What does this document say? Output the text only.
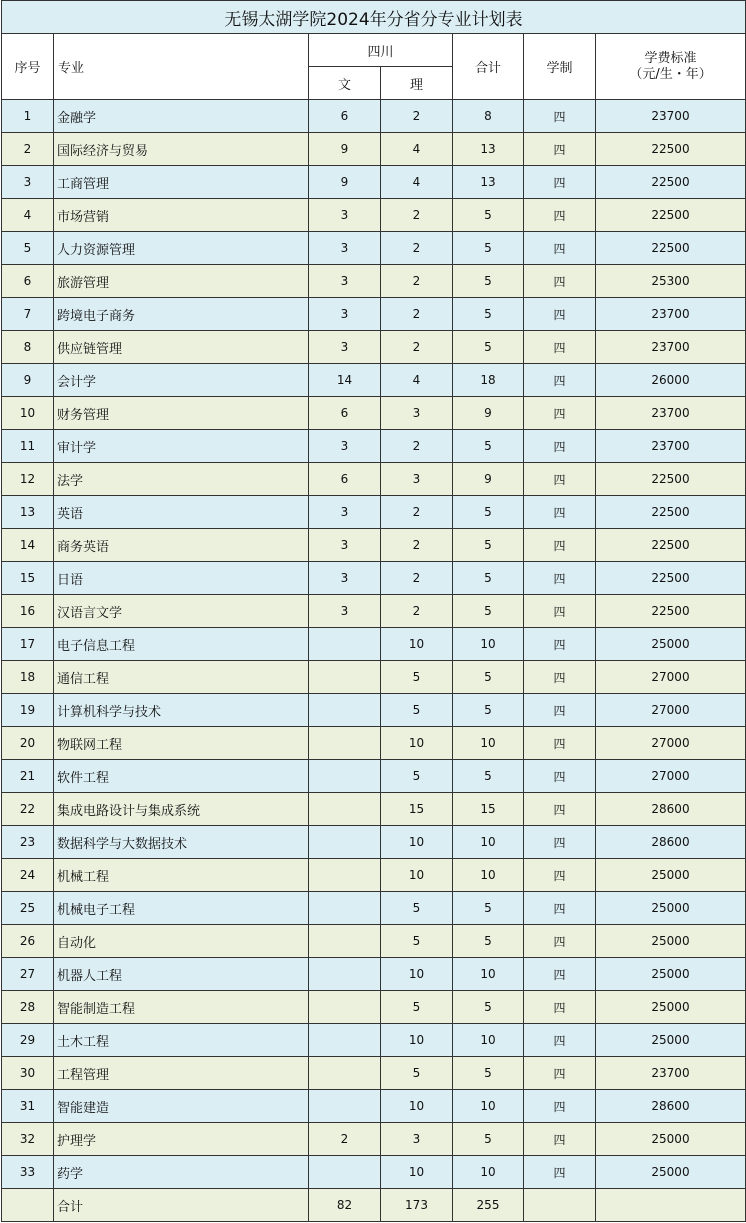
无锡太湖学院2024年分省分专业计划表						
序号	专业	四川		合计	学制	学费标准
（元/生・年）

		文	理			
1	金融学	6	2	8	四	23700
2	国际经济与贸易	9	4	13	四	22500
3	工商管理	9	4	13	四	22500
4	市场营销	3	2	5	四	22500
5	人力资源管理	3	2	5	四	22500
6	旅游管理	3	2	5	四	25300
7	跨境电子商务	3	2	5	四	23700
8	供应链管理	3	2	5	四	23700
9	会计学	14	4	18	四	26000
10	财务管理	6	3	9	四	23700
11	审计学	3	2	5	四	23700
12	法学	6	3	9	四	22500
13	英语	3	2	5	四	22500
14	商务英语	3	2	5	四	22500
15	日语	3	2	5	四	22500
16	汉语言文学	3	2	5	四	22500
17	电子信息工程		10	10	四	25000
18	通信工程		5	5	四	27000
19	计算机科学与技术		5	5	四	27000
20	物联网工程		10	10	四	27000
21	软件工程		5	5	四	27000
22	集成电路设计与集成系统		15	15	四	28600
23	数据科学与大数据技术		10	10	四	28600
24	机械工程		10	10	四	25000
25	机械电子工程		5	5	四	25000
26	自动化		5	5	四	25000
27	机器人工程		10	10	四	25000
28	智能制造工程		5	5	四	25000
29	土木工程		10	10	四	25000
30	工程管理		5	5	四	23700
31	智能建造		10	10	四	28600
32	护理学	2	3	5	四	25000
33	药学		10	10	四	25000
	合计	82	173	255		
